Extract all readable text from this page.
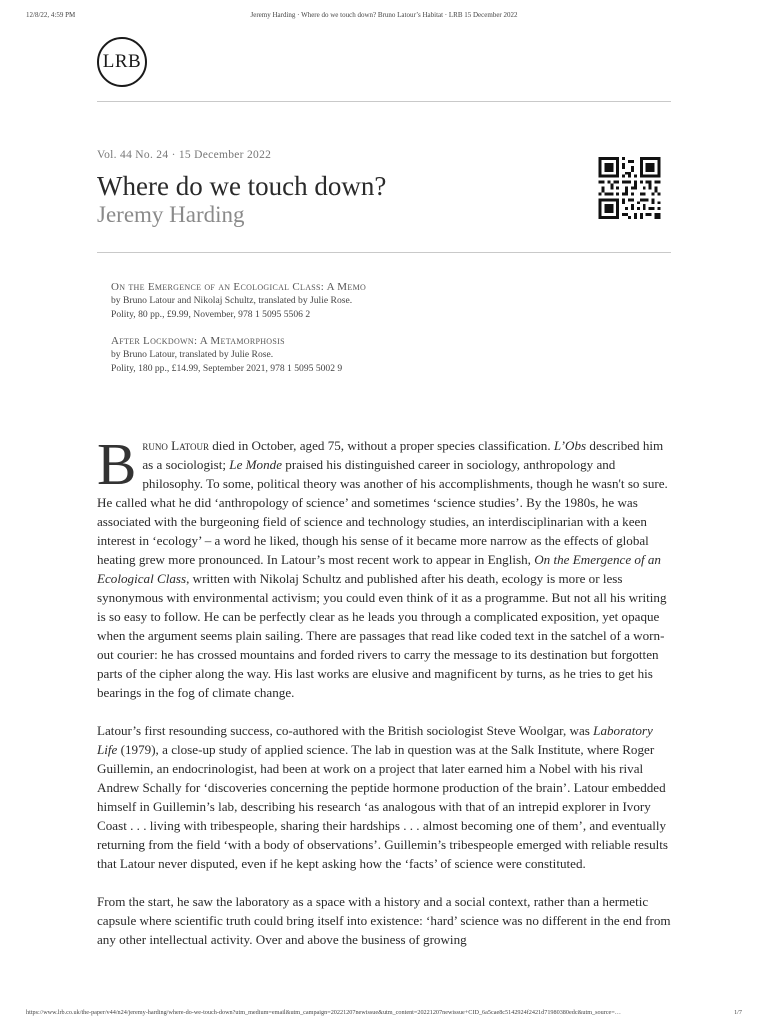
12/8/22, 4:59 PM	Jeremy Harding · Where do we touch down? Bruno Latour’s Habitat · LRB 15 December 2022
LRB
Vol. 44 No. 24 · 15 December 2022
Where do we touch down?
Jeremy Harding
On the Emergence of an Ecological Class: A Memo
by Bruno Latour and Nikolaj Schultz, translated by Julie Rose.
Polity, 80 pp., £9.99, November, 978 1 5095 5506 2
After Lockdown: A Metamorphosis
by Bruno Latour, translated by Julie Rose.
Polity, 180 pp., £14.99, September 2021, 978 1 5095 5002 9

Bruno Latour died in October, aged 75, without a proper species classification. L’Obs described him as a sociologist; Le Monde praised his distinguished career in sociology, anthropology and philosophy. To some, political theory was another of his accomplishments, though he wasn't so sure. He called what he did ‘anthropology of science’ and sometimes ‘science studies’. By the 1980s, he was associated with the burgeoning field of science and technology studies, an interdisciplinarian with a keen interest in ‘ecology’ – a word he liked, though his sense of it became more narrow as the effects of global heating grew more pronounced. In Latour’s most recent work to appear in English, On the Emergence of an Ecological Class, written with Nikolaj Schultz and published after his death, ecology is more or less synonymous with environmental activism; you could even think of it as a programme. But not all his writing is so easy to follow. He can be perfectly clear as he leads you through a complicated exposition, yet opaque when the argument seems plain sailing. There are passages that read like coded text in the satchel of a worn-out courier: he has crossed mountains and forded rivers to carry the message to its destination but forgotten parts of the cipher along the way. His last works are elusive and magnificent by turns, as he tries to get his bearings in the fog of climate change.

Latour’s first resounding success, co-authored with the British sociologist Steve Woolgar, was Laboratory Life (1979), a close-up study of applied science. The lab in question was at the Salk Institute, where Roger Guillemin, an endocrinologist, had been at work on a project that later earned him a Nobel with his rival Andrew Schally for ‘discoveries concerning the peptide hormone production of the brain’. Latour embedded himself in Guillemin’s lab, describing his research ‘as analogous with that of an intrepid explorer in Ivory Coast . . . living with tribespeople, sharing their hardships . . . almost becoming one of them’, and eventually returning from the field ‘with a body of observations’. Guillemin’s tribespeople emerged with reliable results that Latour never disputed, even if he kept asking how the ‘facts’ of science were constituted.

From the start, he saw the laboratory as a space with a history and a social context, rather than a hermetic capsule where scientific truth could bring itself into existence: ‘hard’ science was no different in the end from any other intellectual activity. Over and above the business of growing

https://www.lrb.co.uk/the-paper/v44/n24/jeremy-harding/where-do-we-touch-down?utm_medium=email&utm_campaign=20221207newissue&utm_content=20221207newissue+CID_6a5cae8c5142924f2421d71980380edc&utm_source=…	1/7
